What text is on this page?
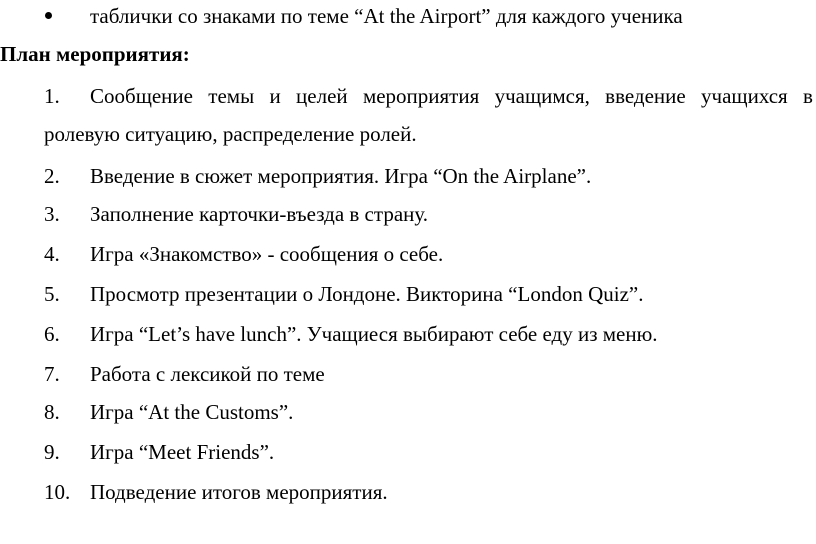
таблички со знаками по теме “At the Airport” для каждого ученика
План мероприятия:
1. Сообщение темы и целей мероприятия учащимся, введение учащихся в
ролевую ситуацию, распределение ролей.
2. Введение в сюжет мероприятия. Игра “On the Airplane”.
3. Заполнение карточки-въезда в страну.
4. Игра «Знакомство» - сообщения о себе.
5. Просмотр презентации о Лондоне. Викторина “London Quiz”.
6. Игра “Let’s have lunch”. Учащиеся выбирают себе еду из меню.
7. Работа с лексикой по теме
8. Игра “At the Customs”.
9. Игра “Meet Friends”.
10. Подведение итогов мероприятия.
